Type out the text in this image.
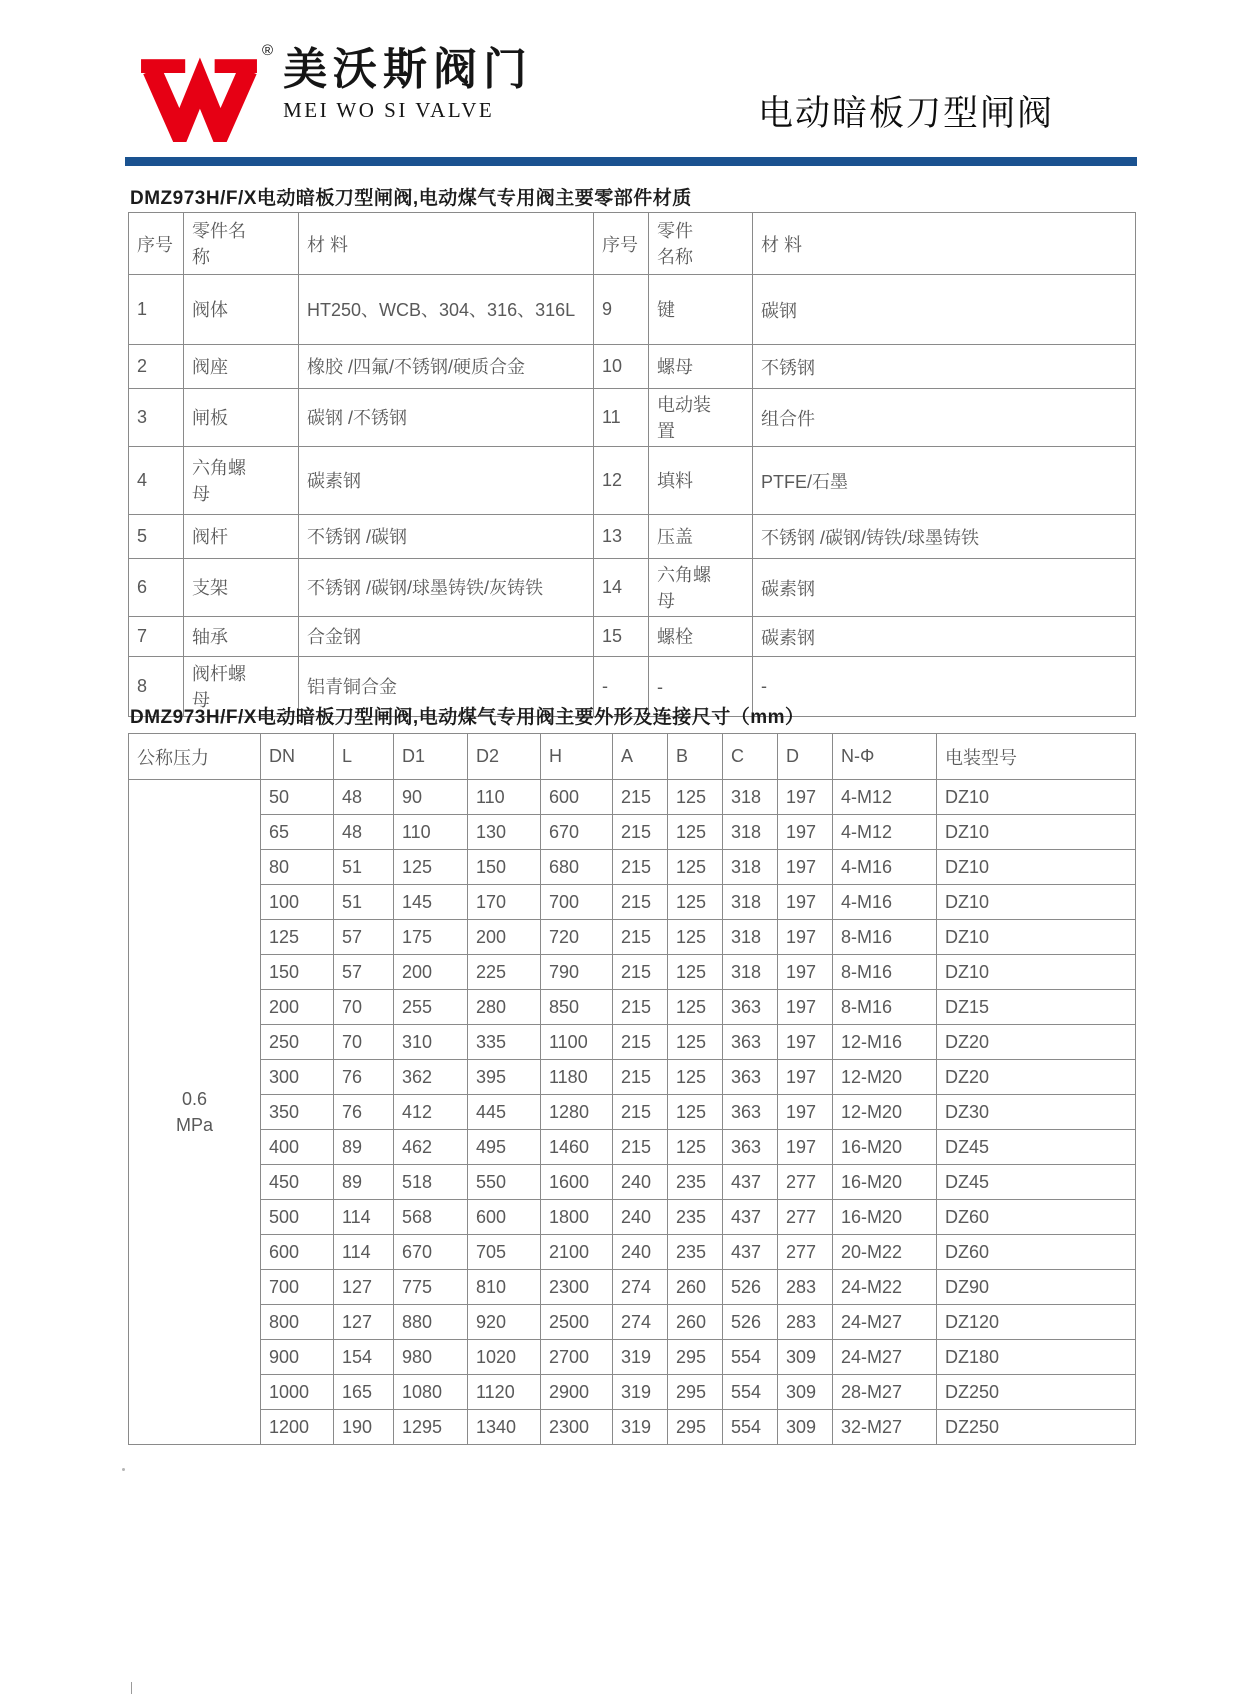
® 美沃斯阀门
MEI WO SI VALVE	电动暗板刀型闸阀
DMZ973H/F/X电动暗板刀型闸阀,电动煤气专用阀主要零部件材质
序号	零件名称	材 料	序号	零件名称	材 料
1	阀体	HT250、WCB、304、316、316L	9	键	碳钢
2	阀座	橡胶 /四氟/不锈钢/硬质合金	10	螺母	不锈钢
3	闸板	碳钢 /不锈钢	11	电动装置	组合件
4	六角螺母	碳素钢	12	填料	PTFE/石墨
5	阀杆	不锈钢 /碳钢	13	压盖	不锈钢 /碳钢/铸铁/球墨铸铁
6	支架	不锈钢 /碳钢/球墨铸铁/灰铸铁	14	六角螺母	碳素钢
7	轴承	合金钢	15	螺栓	碳素钢
8	阀杆螺母	铝青铜合金	-	-	-
DMZ973H/F/X电动暗板刀型闸阀,电动煤气专用阀主要外形及连接尺寸（mm）
公称压力	DN	L	D1	D2	H	A	B	C	D	N-Φ	电装型号

0.6
MPa	50	48	90	110	600	215	125	318	197	4-M12	DZ10
	65	48	110	130	670	215	125	318	197	4-M12	DZ10
	80	51	125	150	680	215	125	318	197	4-M16	DZ10
	100	51	145	170	700	215	125	318	197	4-M16	DZ10
	125	57	175	200	720	215	125	318	197	8-M16	DZ10
	150	57	200	225	790	215	125	318	197	8-M16	DZ10
	200	70	255	280	850	215	125	363	197	8-M16	DZ15
	250	70	310	335	1100	215	125	363	197	12-M16	DZ20
	300	76	362	395	1180	215	125	363	197	12-M20	DZ20
	350	76	412	445	1280	215	125	363	197	12-M20	DZ30
	400	89	462	495	1460	215	125	363	197	16-M20	DZ45
	450	89	518	550	1600	240	235	437	277	16-M20	DZ45
	500	114	568	600	1800	240	235	437	277	16-M20	DZ60
	600	114	670	705	2100	240	235	437	277	20-M22	DZ60
	700	127	775	810	2300	274	260	526	283	24-M22	DZ90
	800	127	880	920	2500	274	260	526	283	24-M27	DZ120
	900	154	980	1020	2700	319	295	554	309	24-M27	DZ180
	1000	165	1080	1120	2900	319	295	554	309	28-M27	DZ250
	1200	190	1295	1340	2300	319	295	554	309	32-M27	DZ250
